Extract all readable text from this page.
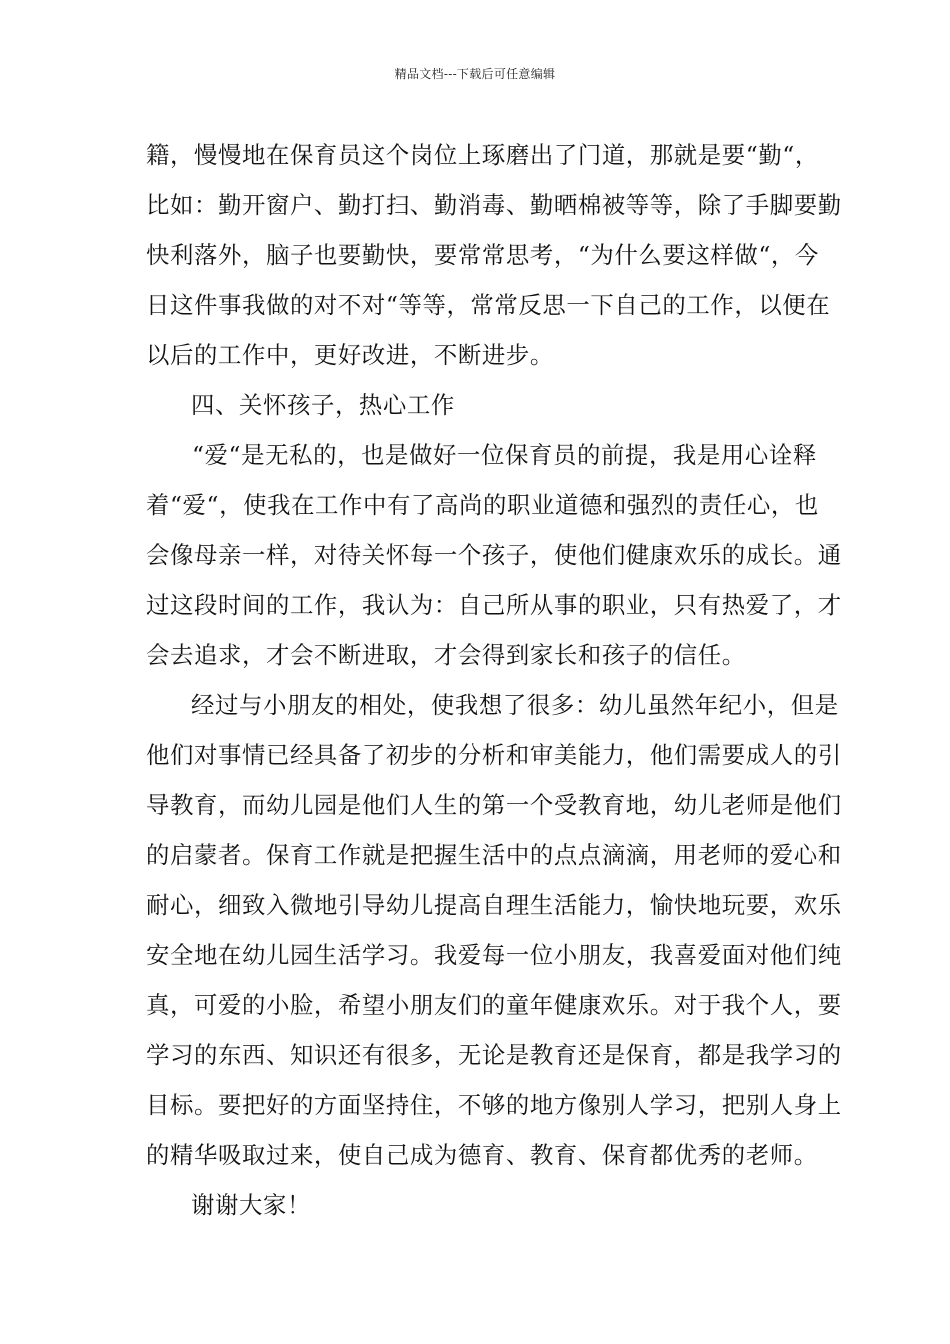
精品文档---下载后可任意编辑
籍，慢慢地在保育员这个岗位上琢磨出了门道，那就是要“勤“，
比如：勤开窗户、勤打扫、勤消毒、勤晒棉被等等，除了手脚要勤
快利落外，脑子也要勤快，要常常思考，“为什么要这样做“，今
日这件事我做的对不对“等等，常常反思一下自己的工作，以便在
以后的工作中，更好改进，不断进步。
四、关怀孩子，热心工作
“爱“是无私的，也是做好一位保育员的前提，我是用心诠释
着“爱“，使我在工作中有了高尚的职业道德和强烈的责任心，也
会像母亲一样，对待关怀每一个孩子，使他们健康欢乐的成长。通
过这段时间的工作，我认为：自己所从事的职业，只有热爱了，才
会去追求，才会不断进取，才会得到家长和孩子的信任。
经过与小朋友的相处，使我想了很多：幼儿虽然年纪小，但是
他们对事情已经具备了初步的分析和审美能力，他们需要成人的引
导教育，而幼儿园是他们人生的第一个受教育地，幼儿老师是他们
的启蒙者。保育工作就是把握生活中的点点滴滴，用老师的爱心和
耐心，细致入微地引导幼儿提高自理生活能力，愉快地玩要，欢乐
安全地在幼儿园生活学习。我爱每一位小朋友，我喜爱面对他们纯
真，可爱的小脸，希望小朋友们的童年健康欢乐。对于我个人，要
学习的东西、知识还有很多，无论是教育还是保育，都是我学习的
目标。要把好的方面坚持住，不够的地方像别人学习，把别人身上
的精华吸取过来，使自己成为德育、教育、保育都优秀的老师。
谢谢大家！
